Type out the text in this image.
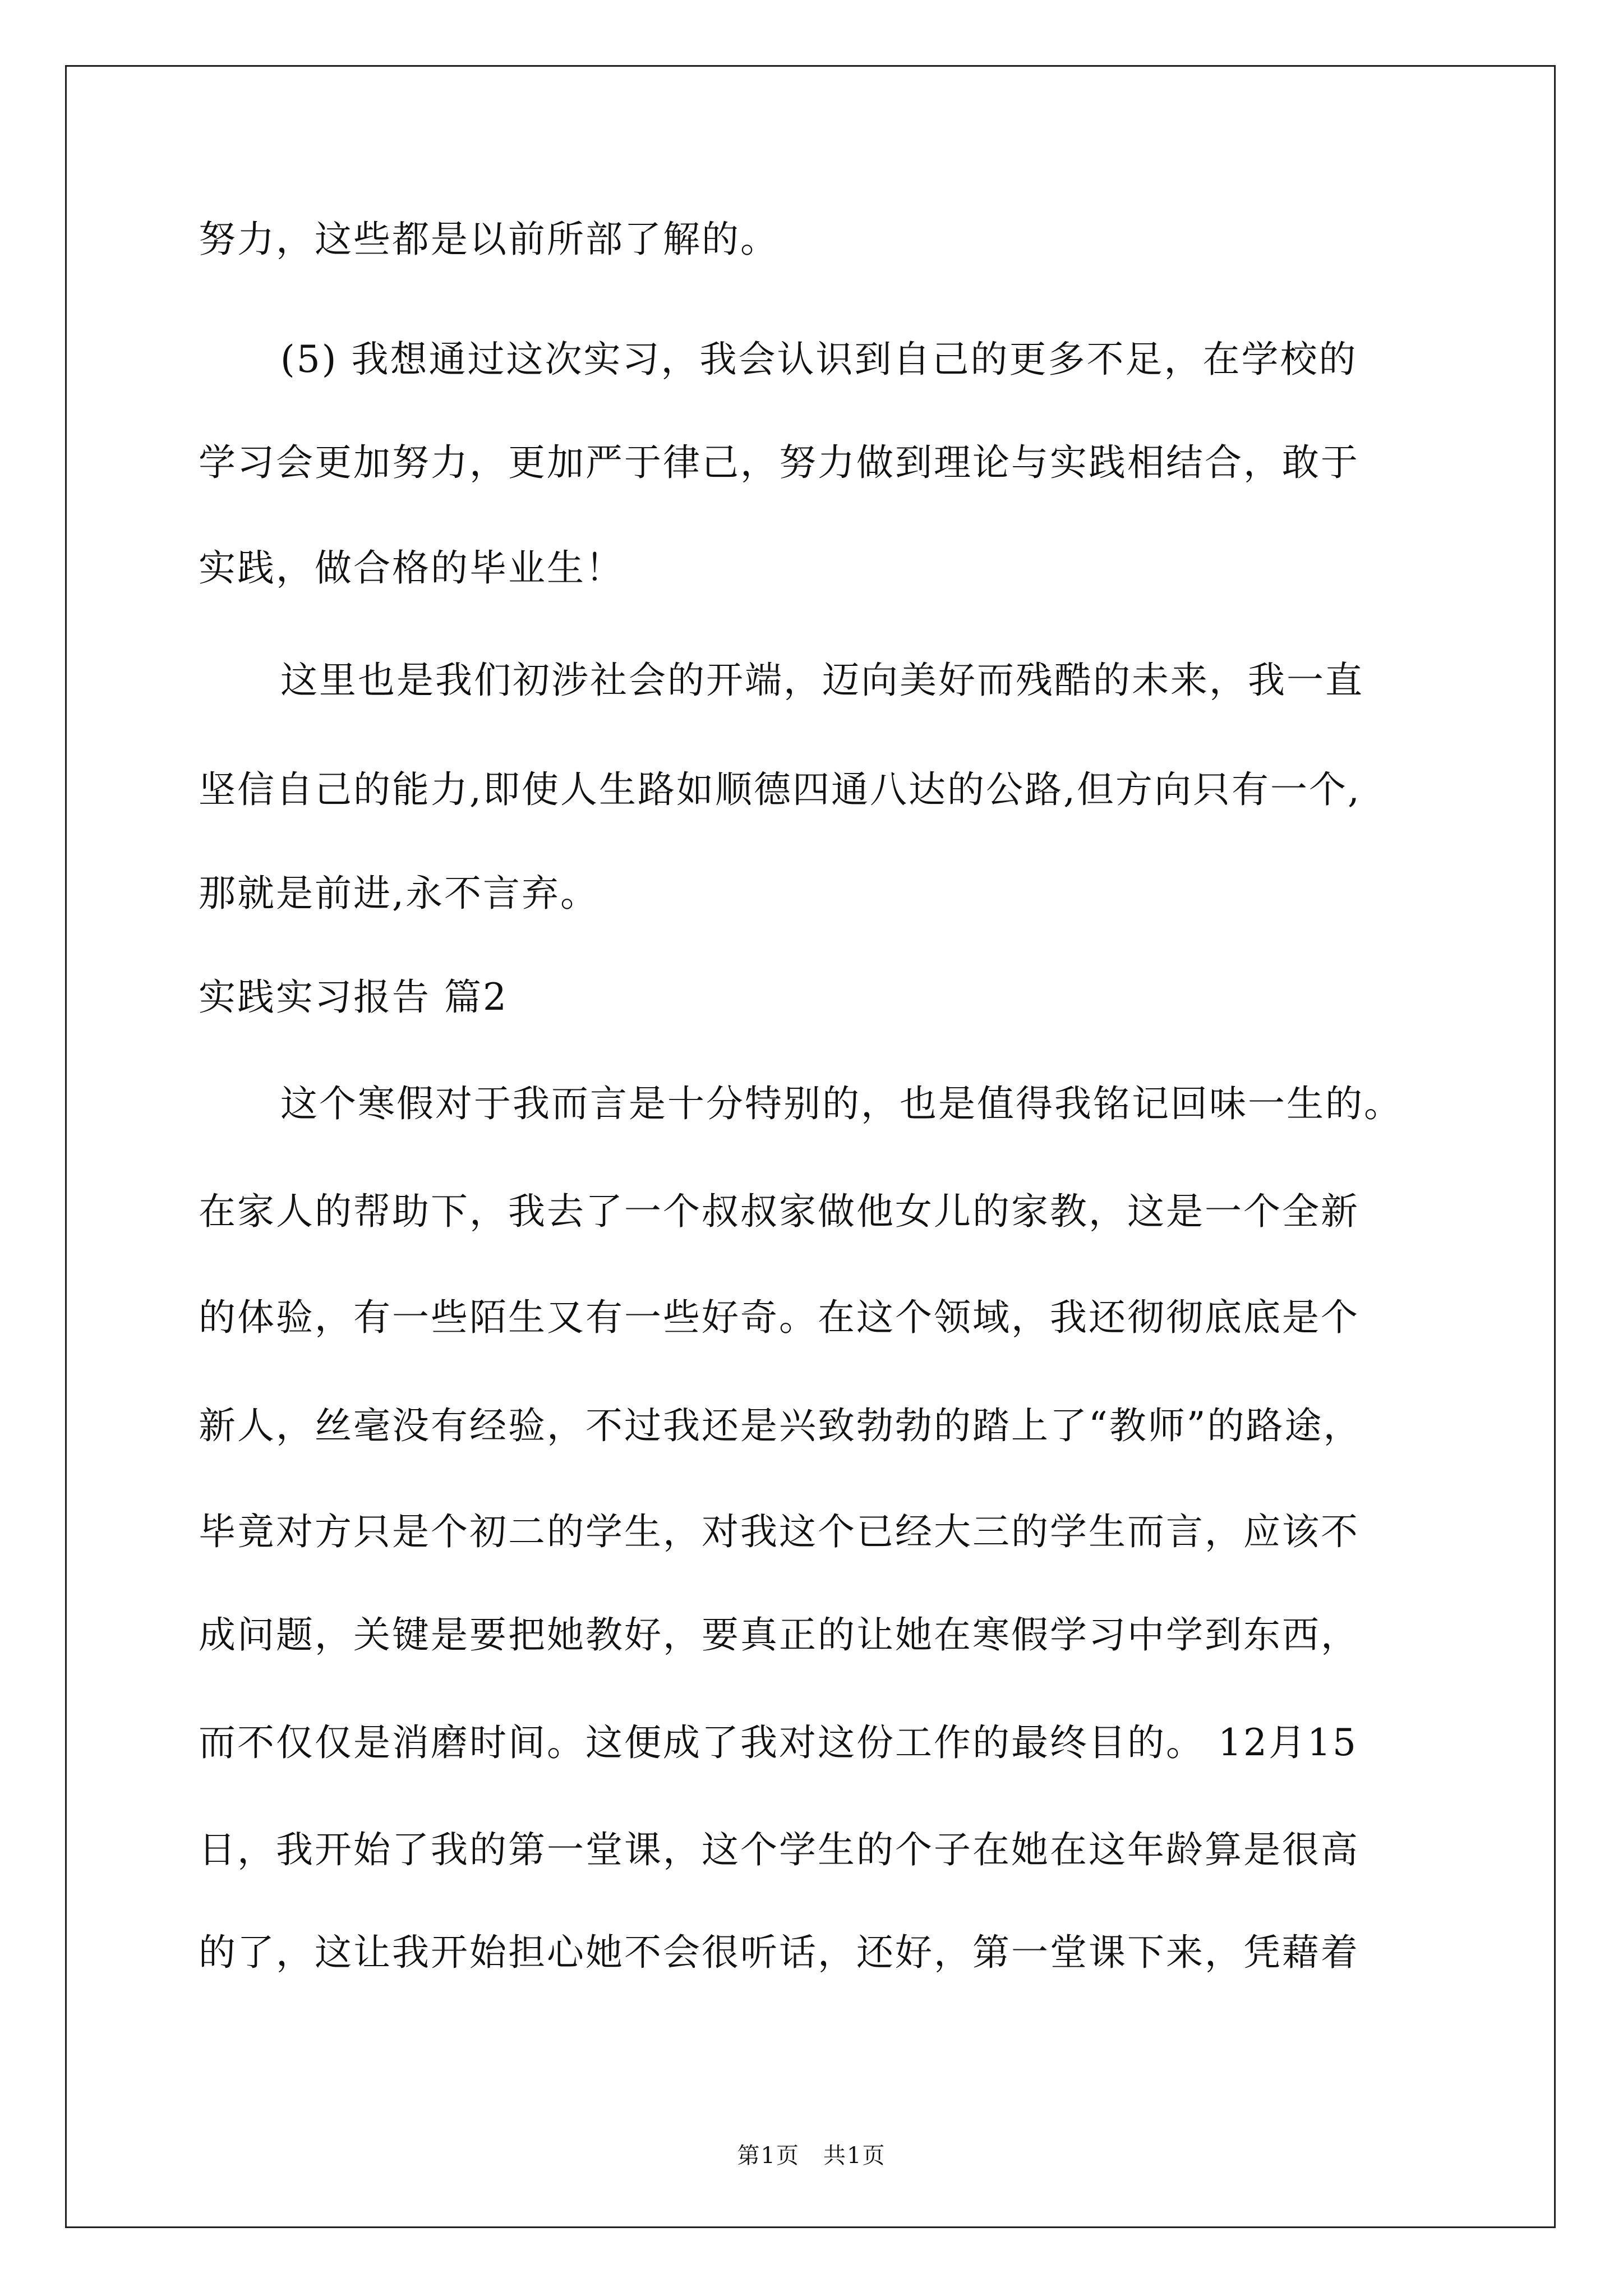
努力，这些都是以前所部了解的。
(5) 我想通过这次实习，我会认识到自己的更多不足，在学校的
学习会更加努力，更加严于律己，努力做到理论与实践相结合，敢于
实践，做合格的毕业生！
这里也是我们初涉社会的开端，迈向美好而残酷的未来，我一直
坚信自己的能力,即使人生路如顺德四通八达的公路,但方向只有一个,
那就是前进,永不言弃。
实践实习报告 篇2
这个寒假对于我而言是十分特别的，也是值得我铭记回味一生的。
在家人的帮助下，我去了一个叔叔家做他女儿的家教，这是一个全新
的体验，有一些陌生又有一些好奇。在这个领域，我还彻彻底底是个
新人，丝毫没有经验，不过我还是兴致勃勃的踏上了“教师”的路途，
毕竟对方只是个初二的学生，对我这个已经大三的学生而言，应该不
成问题，关键是要把她教好，要真正的让她在寒假学习中学到东西，
而不仅仅是消磨时间。这便成了我对这份工作的最终目的。 12月15
日，我开始了我的第一堂课，这个学生的个子在她在这年龄算是很高
的了，这让我开始担心她不会很听话，还好，第一堂课下来，凭藉着
第1页　共1页
